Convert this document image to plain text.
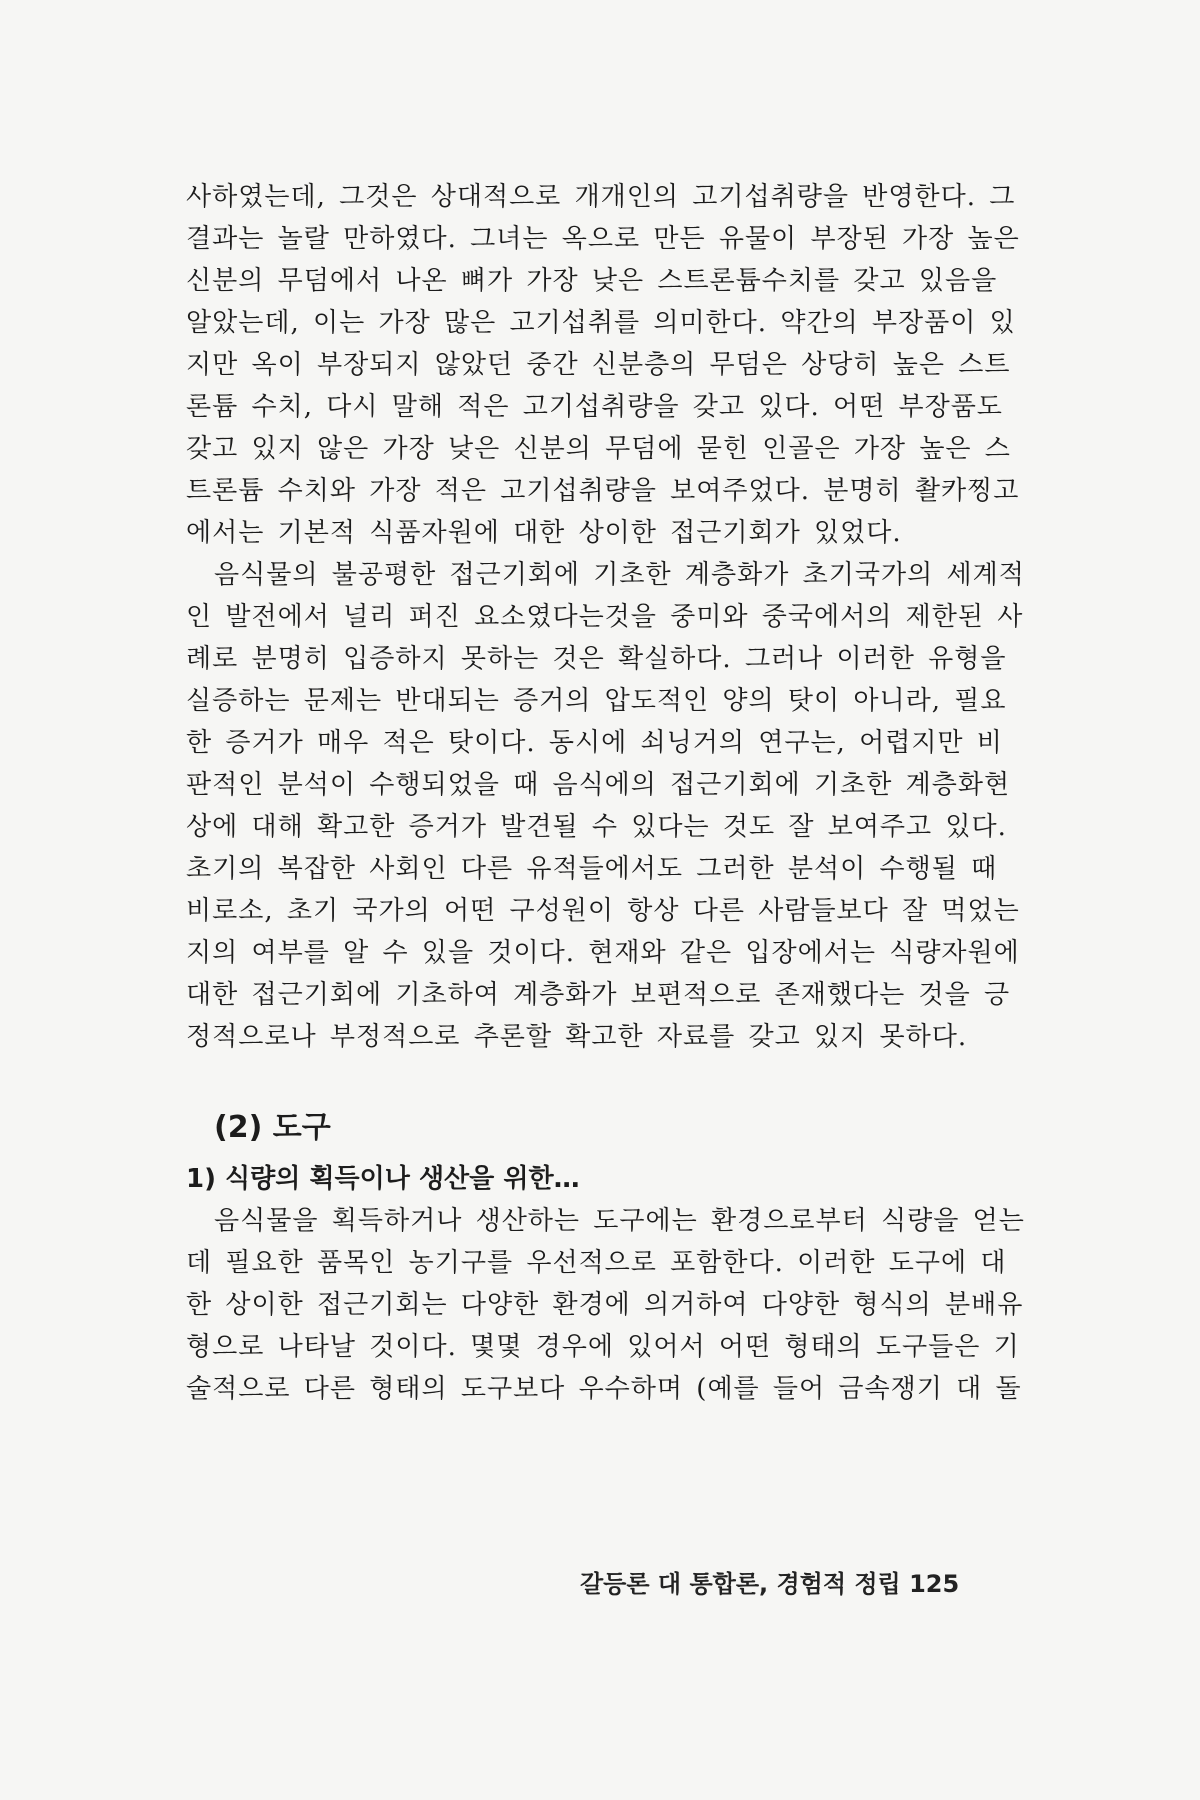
사하였는데, 그것은 상대적으로 개개인의 고기섭취량을 반영한다. 그

결과는 놀랄 만하였다. 그녀는 옥으로 만든 유물이 부장된 가장 높은

신분의 무덤에서 나온 뼈가 가장 낮은 스트론튬수치를 갖고 있음을

알았는데, 이는 가장 많은 고기섭취를 의미한다. 약간의 부장품이 있

지만 옥이 부장되지 않았던 중간 신분층의 무덤은 상당히 높은 스트

론튬 수치, 다시 말해 적은 고기섭취량을 갖고 있다. 어떤 부장품도

갖고 있지 않은 가장 낮은 신분의 무덤에 묻힌 인골은 가장 높은 스

트론튬 수치와 가장 적은 고기섭취량을 보여주었다. 분명히 촬카찡고

에서는 기본적 식품자원에 대한 상이한 접근기회가 있었다.

음식물의 불공평한 접근기회에 기초한 계층화가 초기국가의 세계적

인 발전에서 널리 퍼진 요소였다는것을 중미와 중국에서의 제한된 사

례로 분명히 입증하지 못하는 것은 확실하다. 그러나 이러한 유형을

실증하는 문제는 반대되는 증거의 압도적인 양의 탓이 아니라, 필요

한 증거가 매우 적은 탓이다. 동시에 쇠닝거의 연구는, 어렵지만 비

판적인 분석이 수행되었을 때 음식에의 접근기회에 기초한 계층화현

상에 대해 확고한 증거가 발견될 수 있다는 것도 잘 보여주고 있다.

초기의 복잡한 사회인 다른 유적들에서도 그러한 분석이 수행될 때

비로소, 초기 국가의 어떤 구성원이 항상 다른 사람들보다 잘 먹었는

지의 여부를 알 수 있을 것이다. 현재와 같은 입장에서는 식량자원에

대한 접근기회에 기초하여 계층화가 보편적으로 존재했다는 것을 긍

정적으로나 부정적으로 추론할 확고한 자료를 갖고 있지 못하다.

(2) 도구
1) 식량의 획득이나 생산을 위한…

음식물을 획득하거나 생산하는 도구에는 환경으로부터 식량을 얻는

데 필요한 품목인 농기구를 우선적으로 포함한다. 이러한 도구에 대

한 상이한 접근기회는 다양한 환경에 의거하여 다양한 형식의 분배유

형으로 나타날 것이다. 몇몇 경우에 있어서 어떤 형태의 도구들은 기

술적으로 다른 형태의 도구보다 우수하며 (예를 들어 금속쟁기 대 돌

갈등론 대 통합론, 경험적 정립 125
